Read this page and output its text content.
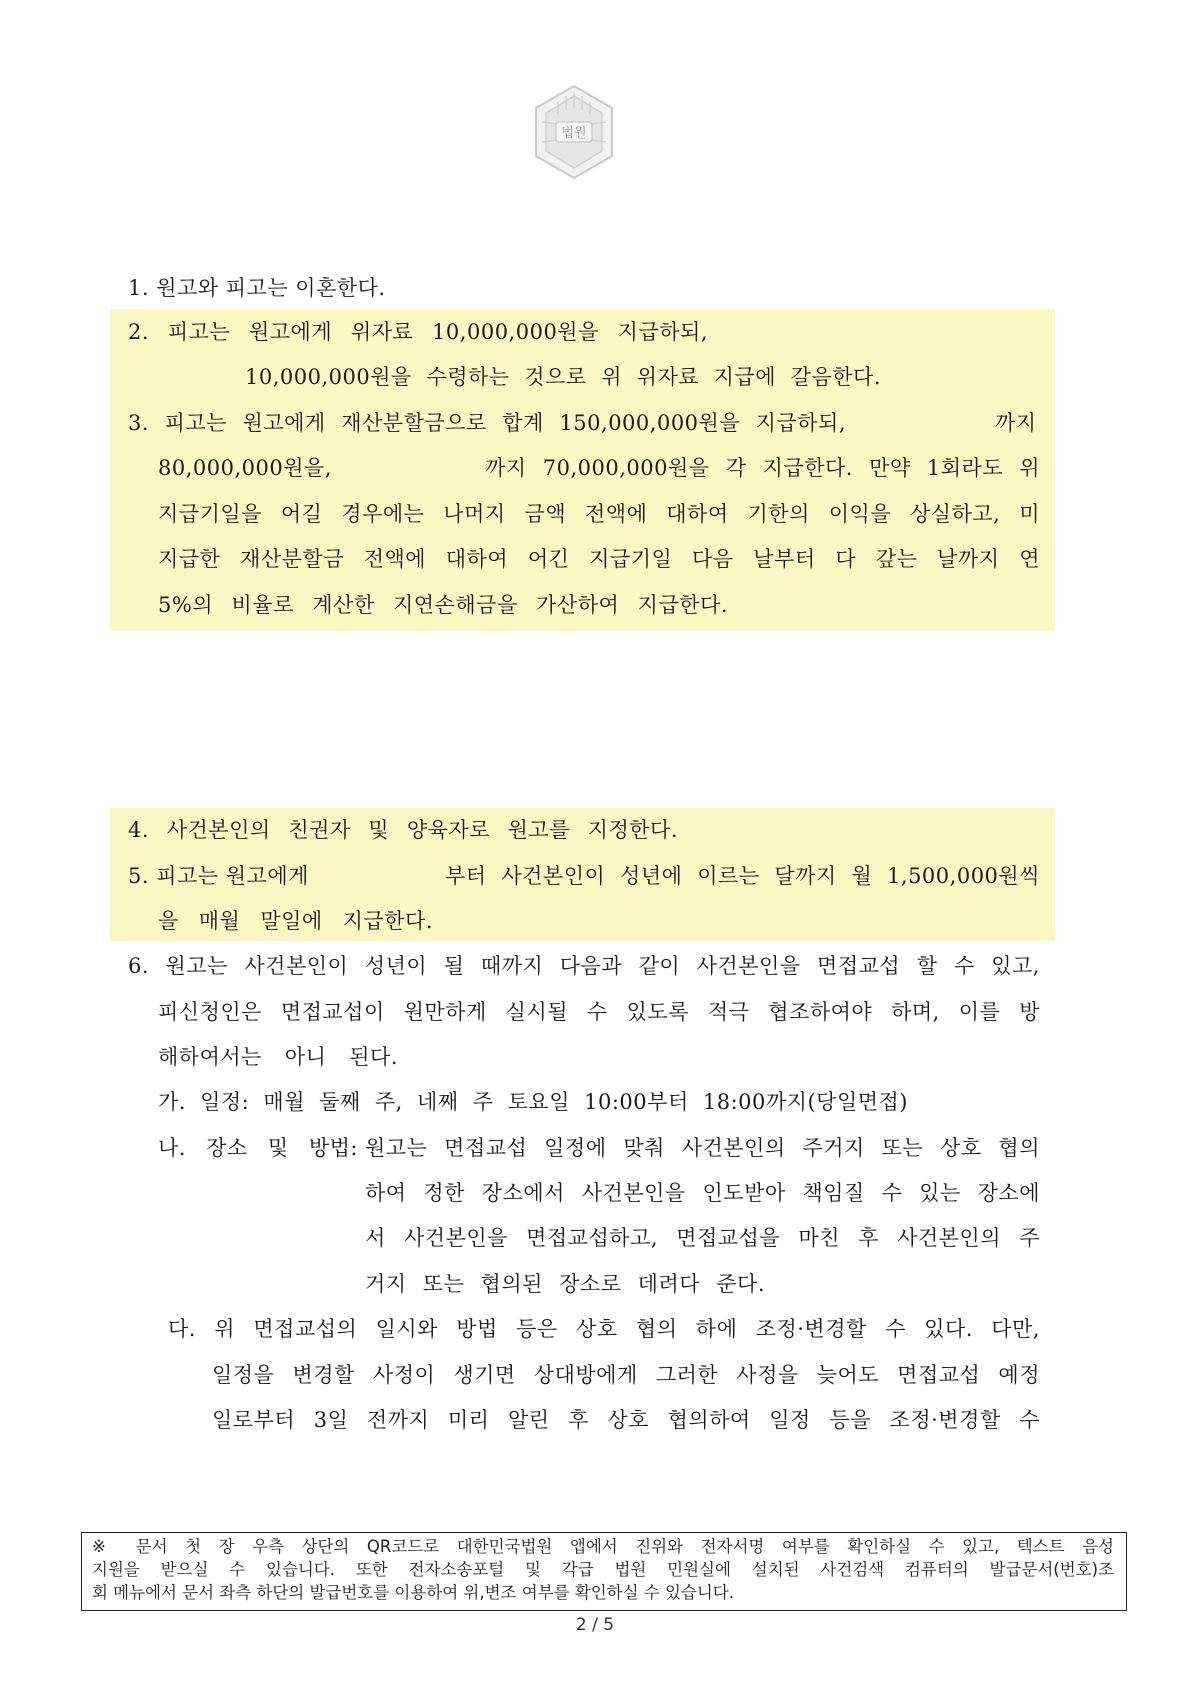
법원
1. 원고와 피고는 이혼한다.
2. 피고는 원고에게 위자료 10,000,000원을 지급하되,
10,000,000원을 수령하는 것으로 위 위자료 지급에 갈음한다.
3. 피고는 원고에게 재산분할금으로 합계 150,000,000원을 지급하되,	까지
80,000,000원을,	까지 70,000,000원을 각 지급한다. 만약 1회라도 위
지급기일을 어길 경우에는 나머지 금액 전액에 대하여 기한의 이익을 상실하고, 미
지급한 재산분할금 전액에 대하여 어긴 지급기일 다음 날부터 다 갚는 날까지 연
5%의 비율로 계산한 지연손해금을 가산하여 지급한다.
4. 사건본인의 친권자 및 양육자로 원고를 지정한다.
5. 피고는 원고에게	부터 사건본인이 성년에 이르는 달까지 월 1,500,000원씩
을 매월 말일에 지급한다.
6. 원고는 사건본인이 성년이 될 때까지 다음과 같이 사건본인을 면접교섭 할 수 있고,
피신청인은 면접교섭이 원만하게 실시될 수 있도록 적극 협조하여야 하며, 이를 방
해하여서는 아니 된다.
가. 일정: 매월 둘째 주, 네째 주 토요일 10:00부터 18:00까지(당일면접)
나. 장소 및 방법: 원고는 면접교섭 일정에 맞춰 사건본인의 주거지 또는 상호 협의
하여 정한 장소에서 사건본인을 인도받아 책임질 수 있는 장소에
서 사건본인을 면접교섭하고, 면접교섭을 마친 후 사건본인의 주
거지 또는 협의된 장소로 데려다 준다.
다. 위 면접교섭의 일시와 방법 등은 상호 협의 하에 조정·변경할 수 있다. 다만,
일정을 변경할 사정이 생기면 상대방에게 그러한 사정을 늦어도 면접교섭 예정
일로부터 3일 전까지 미리 알린 후 상호 협의하여 일정 등을 조정·변경할 수
※ 문서 첫 장 우측 상단의 QR코드로 대한민국법원 앱에서 진위와 전자서명 여부를 확인하실 수 있고, 텍스트 음성
지원을 받으실 수 있습니다. 또한 전자소송포털 및 각급 법원 민원실에 설치된 사건검색 컴퓨터의 발급문서(번호)조
회 메뉴에서 문서 좌측 하단의 발급번호를 이용하여 위,변조 여부를 확인하실 수 있습니다.
2 / 5
